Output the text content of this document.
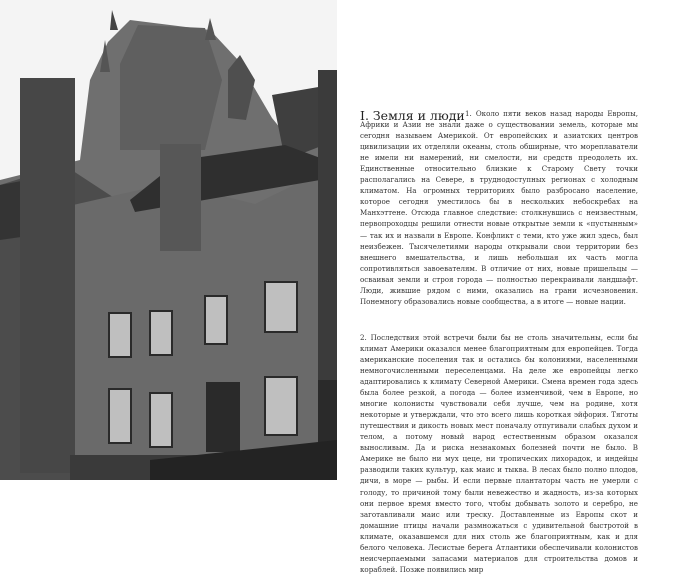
I. Земля и люди 1. Около пяти веков назад народы Европы, Африки и Азии не знали даже о существовании земель, которые мы сегодня называем Америкой. От европейских и азиатских центров цивилизации их отделяли океаны, столь обширные, что мореплаватели не имели ни намерений, ни смелости, ни средств преодолеть их. Единственные относительно близкие к Старому Свету точки располагались на Севере, в труднодоступных регионах с холодным климатом. На огромных территориях было разбросано население, которое сегодня уместилось бы в нескольких небоскребах на Манхэттене. Отсюда главное следствие: столкнувшись с неизвестным, первопроходцы решили отнести новые открытые земли к «пустынным» — так их и назвали в Европе. Конфликт с теми, кто уже жил здесь, был неизбежен. Тысячелетиями народы открывали свои территории без внешнего вмешательства, и лишь небольшая их часть могла сопротивляться завоевателям. В отличие от них, новые пришельцы — осваивая земли и строя города — полностью перекраивали ландшафт. Люди, жившие рядом с ними, оказались на грани исчезновения. Понемногу образовались новые сообщества, а в итоге — новые нации.

2. Последствия этой встречи были бы не столь значительны, если бы климат Америки оказался менее благоприятным для европейцев. Тогда американские поселения так и остались бы колониями, населенными немногочисленными переселенцами. На деле же европейцы легко адаптировались к климату Северной Америки. Смена времен года здесь была более резкой, а погода — более изменчивой, чем в Европе, но многие колонисты чувствовали себя лучше, чем на родине, хотя некоторые и утверждали, что это всего лишь короткая эйфория. Тяготы путешествия и дикость новых мест поначалу отпугивали слабых духом и телом, а потому новый народ естественным образом оказался выносливым. Да и риска незнакомых болезней почти не было. В Америке не было ни мух цеце, ни тропических лихорадок, и индейцы разводили таких культур, как маис и тыква. В лесах было полно плодов, дичи, в море — рыбы. И если первые плантаторы часть не умерли с голоду, то причиной тому были невежество и жадность, из-за которых они первое время вместо того, чтобы добывать золото и серебро, не заготавливали маис или треску. Доставленные из Европы скот и домашние птицы начали размножаться с удивительной быстротой в климате, оказавшемся для них столь же благоприятным, как и для белого человека. Лесистые берега Атлантики обеспечивали колонистов неисчерпаемыми запасами материалов для строительства домов и кораблей. Позже появились мир
